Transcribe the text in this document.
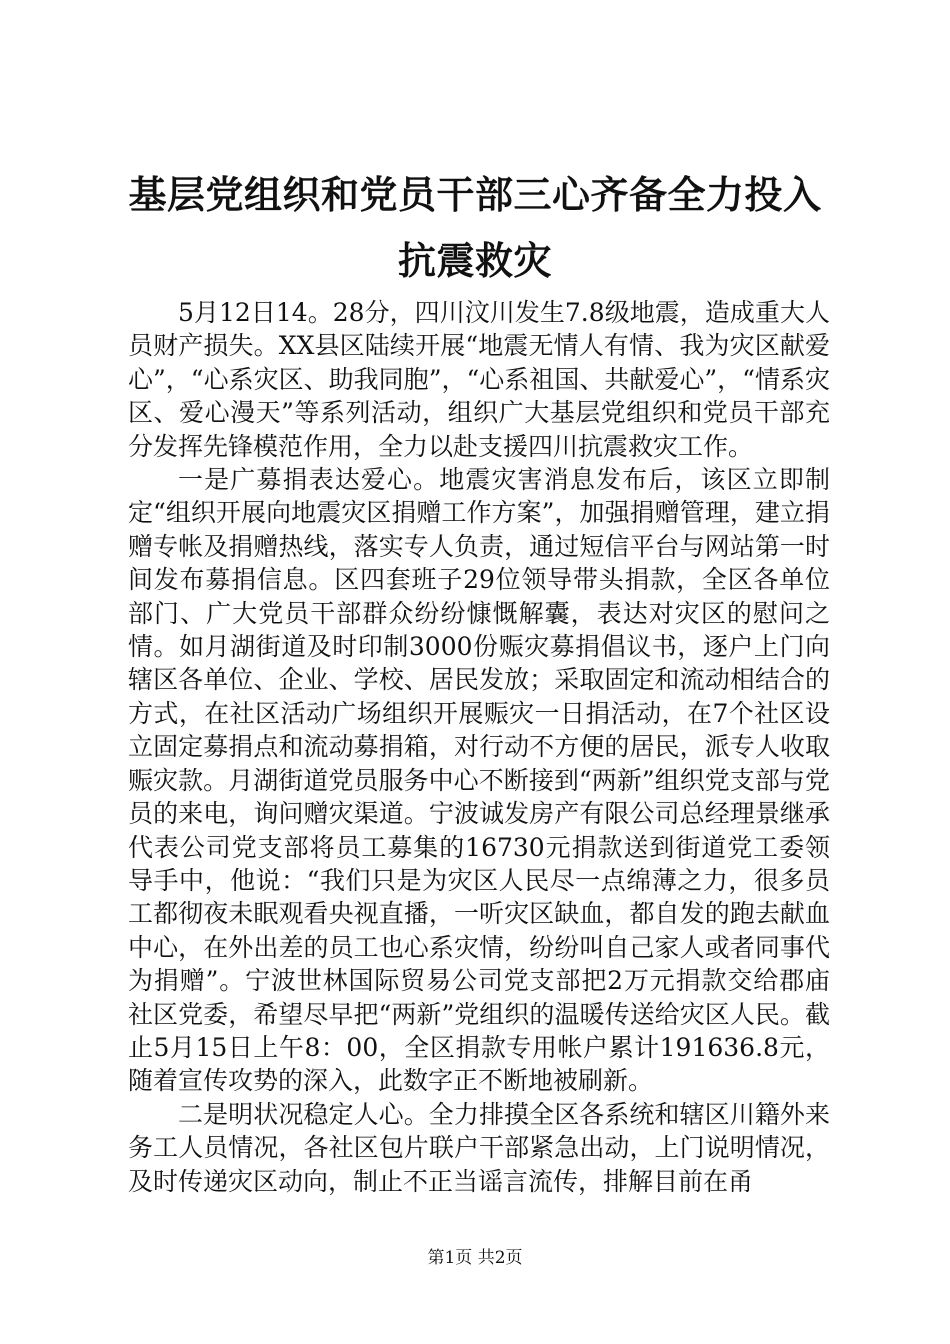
基层党组织和党员干部三心齐备全力投入抗震救灾

5月12日14。28分，四川汶川发生7.8级地震，造成重大人员财产损失。XX县区陆续开展“地震无情人有情、我为灾区献爱心”，“心系灾区、助我同胞”，“心系祖国、共献爱心”，“情系灾区、爱心漫天”等系列活动，组织广大基层党组织和党员干部充分发挥先锋模范作用，全力以赴支援四川抗震救灾工作。

一是广募捐表达爱心。地震灾害消息发布后，该区立即制定“组织开展向地震灾区捐赠工作方案”，加强捐赠管理，建立捐赠专帐及捐赠热线，落实专人负责，通过短信平台与网站第一时间发布募捐信息。区四套班子29位领导带头捐款，全区各单位部门、广大党员干部群众纷纷慷慨解囊，表达对灾区的慰问之情。如月湖街道及时印制3000份赈灾募捐倡议书，逐户上门向辖区各单位、企业、学校、居民发放；采取固定和流动相结合的方式，在社区活动广场组织开展赈灾一日捐活动，在7个社区设立固定募捐点和流动募捐箱，对行动不方便的居民，派专人收取赈灾款。月湖街道党员服务中心不断接到“两新”组织党支部与党员的来电，询问赠灾渠道。宁波诚发房产有限公司总经理景继承代表公司党支部将员工募集的16730元捐款送到街道党工委领导手中，他说：“我们只是为灾区人民尽一点绵薄之力，很多员工都彻夜未眠观看央视直播，一听灾区缺血，都自发的跑去献血中心，在外出差的员工也心系灾情，纷纷叫自己家人或者同事代为捐赠”。宁波世林国际贸易公司党支部把2万元捐款交给郡庙社区党委，希望尽早把“两新”党组织的温暖传送给灾区人民。截止5月15日上午8：00，全区捐款专用帐户累计191636.8元，随着宣传攻势的深入，此数字正不断地被刷新。

二是明状况稳定人心。全力排摸全区各系统和辖区川籍外来务工人员情况，各社区包片联户干部紧急出动，上门说明情况，及时传递灾区动向，制止不正当谣言流传，排解目前在甬

第1页 共2页
